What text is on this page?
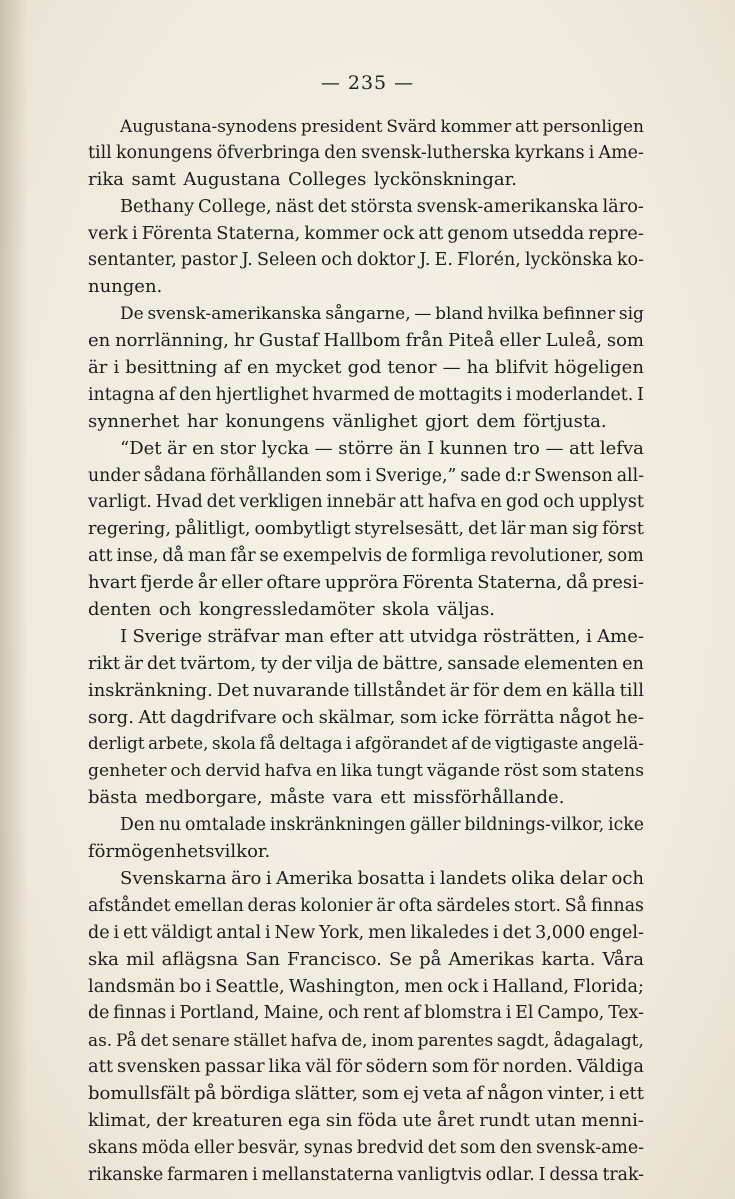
— 235 —
Augustana-synodens president Svärd kommer att personligen
till konungens öfverbringa den svensk-lutherska kyrkans i Ame-
rika samt Augustana Colleges lyckönskningar.
Bethany College, näst det största svensk-amerikanska läro-
verk i Förenta Staterna, kommer ock att genom utsedda repre-
sentanter, pastor J. Seleen och doktor J. E. Florén, lyckönska ko-
nungen.
De svensk-amerikanska sångarne, — bland hvilka befinner sig
en norrlänning, hr Gustaf Hallbom från Piteå eller Luleå, som
är i besittning af en mycket god tenor — ha blifvit högeligen
intagna af den hjertlighet hvarmed de mottagits i moderlandet. I
synnerhet har konungens vänlighet gjort dem förtjusta.
“Det är en stor lycka — större än I kunnen tro — att lefva
under sådana förhållanden som i Sverige,” sade d:r Swenson all-
varligt. Hvad det verkligen innebär att hafva en god och upplyst
regering, pålitligt, oombytligt styrelsesätt, det lär man sig först
att inse, då man får se exempelvis de formliga revolutioner, som
hvart fjerde år eller oftare uppröra Förenta Staterna, då presi-
denten och kongressledamöter skola väljas.
I Sverige sträfvar man efter att utvidga rösträtten, i Ame-
rikt är det tvärtom, ty der vilja de bättre, sansade elementen en
inskränkning. Det nuvarande tillståndet är för dem en källa till
sorg. Att dagdrifvare och skälmar, som icke förrätta något he-
derligt arbete, skola få deltaga i afgörandet af de vigtigaste angelä-
genheter och dervid hafva en lika tungt vägande röst som statens
bästa medborgare, måste vara ett missförhållande.
Den nu omtalade inskränkningen gäller bildnings-vilkor, icke
förmögenhetsvilkor.
Svenskarna äro i Amerika bosatta i landets olika delar och
afståndet emellan deras kolonier är ofta särdeles stort. Så finnas
de i ett väldigt antal i New York, men likaledes i det 3,000 engel-
ska mil aflägsna San Francisco. Se på Amerikas karta. Våra
landsmän bo i Seattle, Washington, men ock i Halland, Florida;
de finnas i Portland, Maine, och rent af blomstra i El Campo, Tex-
as. På det senare stället hafva de, inom parentes sagdt, ådagalagt,
att svensken passar lika väl för södern som för norden. Väldiga
bomullsfält på bördiga slätter, som ej veta af någon vinter, i ett
klimat, der kreaturen ega sin föda ute året rundt utan menni-
skans möda eller besvär, synas bredvid det som den svensk-ame-
rikanske farmaren i mellanstaterna vanligtvis odlar. I dessa trak-
